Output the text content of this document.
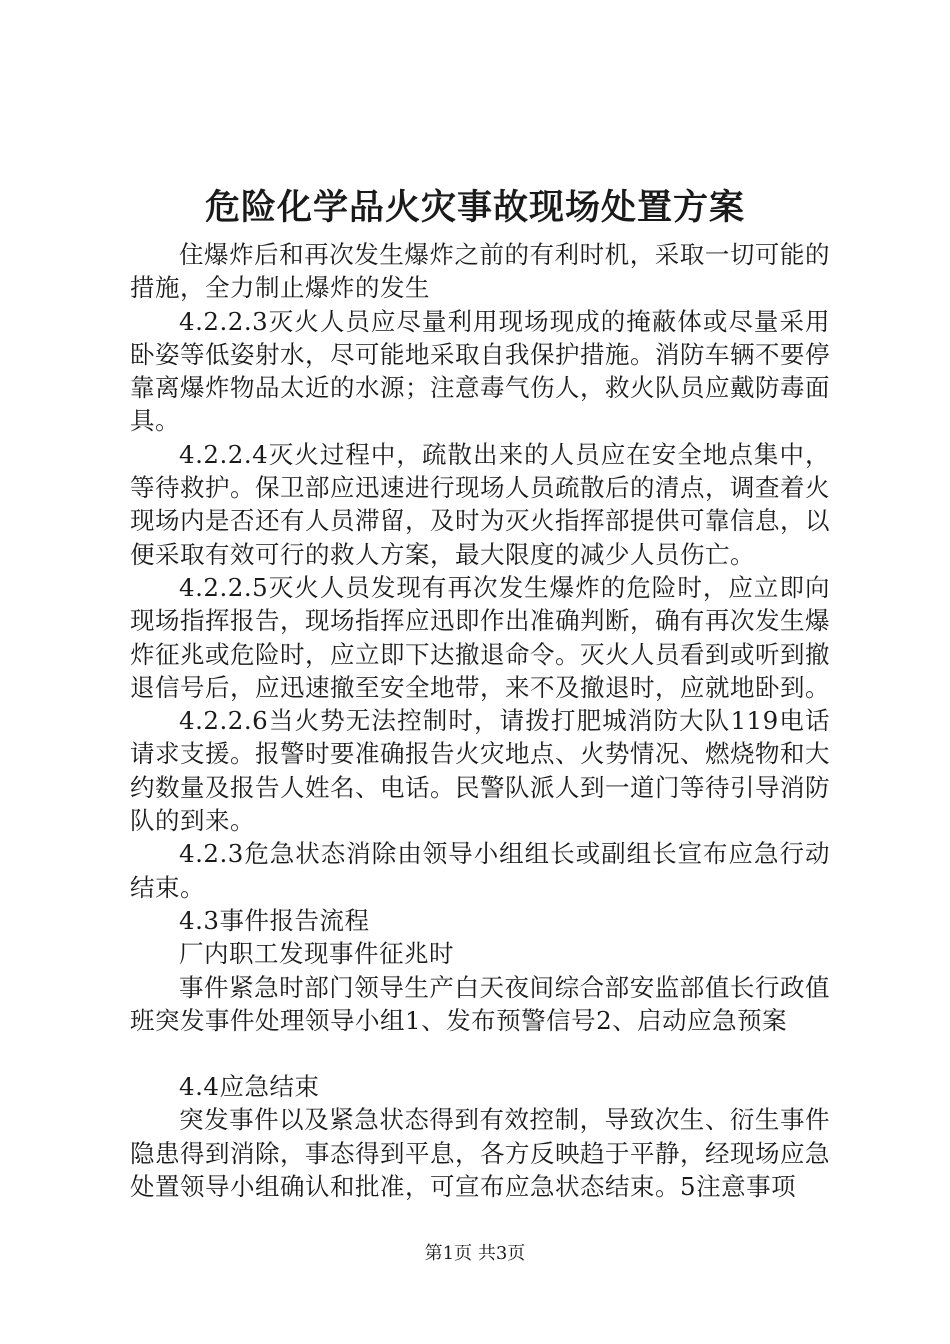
危险化学品火灾事故现场处置方案

住爆炸后和再次发生爆炸之前的有利时机，采取一切可能的措施，全力制止爆炸的发生

4.2.2.3灭火人员应尽量利用现场现成的掩蔽体或尽量采用卧姿等低姿射水，尽可能地采取自我保护措施。消防车辆不要停靠离爆炸物品太近的水源；注意毒气伤人，救火队员应戴防毒面具。

4.2.2.4灭火过程中，疏散出来的人员应在安全地点集中，等待救护。保卫部应迅速进行现场人员疏散后的清点，调查着火现场内是否还有人员滞留，及时为灭火指挥部提供可靠信息，以便采取有效可行的救人方案，最大限度的减少人员伤亡。

4.2.2.5灭火人员发现有再次发生爆炸的危险时，应立即向现场指挥报告，现场指挥应迅即作出准确判断，确有再次发生爆炸征兆或危险时，应立即下达撤退命令。灭火人员看到或听到撤退信号后，应迅速撤至安全地带，来不及撤退时，应就地卧到。

4.2.2.6当火势无法控制时，请拨打肥城消防大队119电话请求支援。报警时要准确报告火灾地点、火势情况、燃烧物和大约数量及报告人姓名、电话。民警队派人到一道门等待引导消防队的到来。

4.2.3危急状态消除由领导小组组长或副组长宣布应急行动结束。

4.3事件报告流程

厂内职工发现事件征兆时

事件紧急时部门领导生产白天夜间综合部安监部值长行政值班突发事件处理领导小组1、发布预警信号2、启动应急预案

4.4应急结束

突发事件以及紧急状态得到有效控制，导致次生、衍生事件隐患得到消除，事态得到平息，各方反映趋于平静，经现场应急处置领导小组确认和批准，可宣布应急状态结束。5注意事项

第1页 共3页
